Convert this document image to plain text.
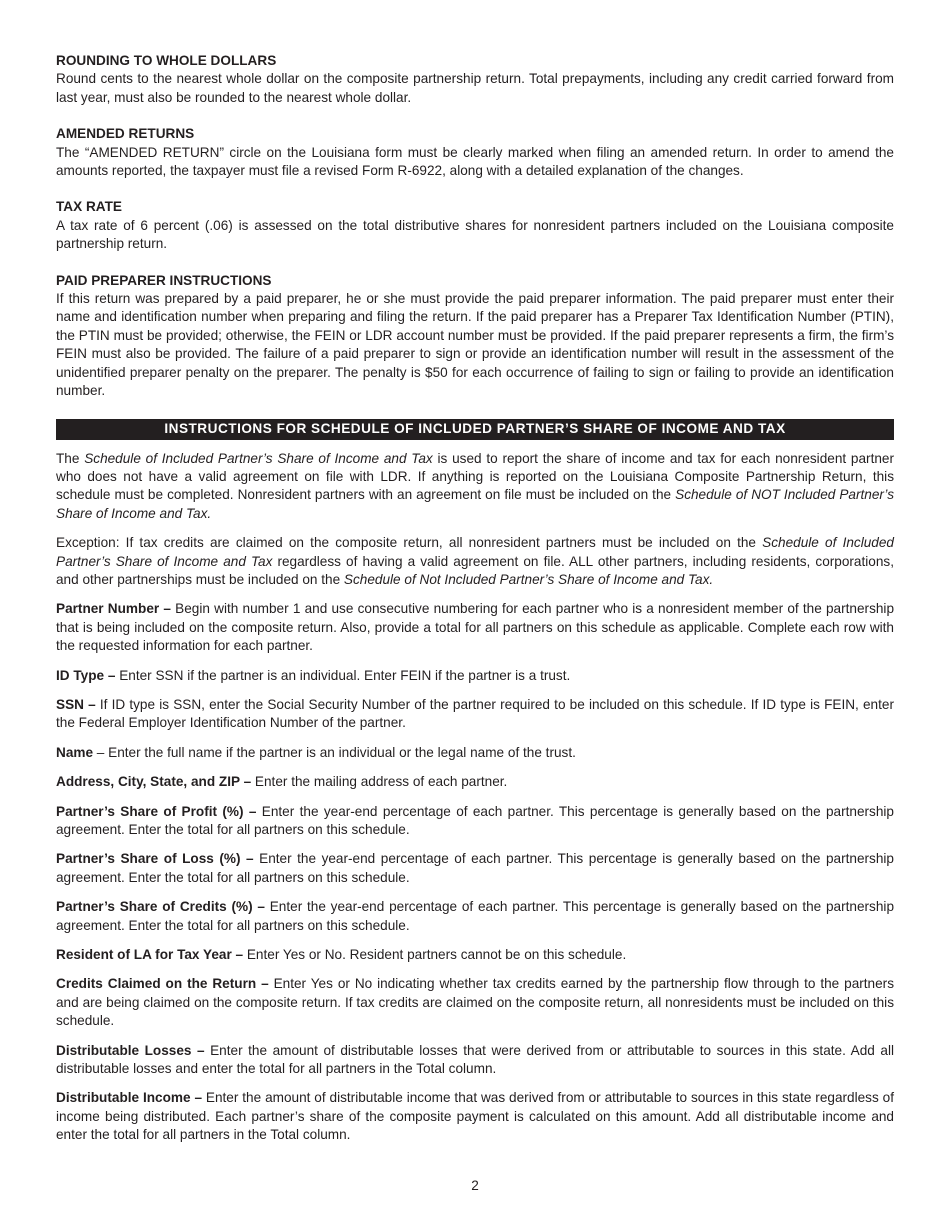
ROUNDING TO WHOLE DOLLARS

Round cents to the nearest whole dollar on the composite partnership return. Total prepayments, including any credit carried forward from last year, must also be rounded to the nearest whole dollar.

AMENDED RETURNS

The “AMENDED RETURN” circle on the Louisiana form must be clearly marked when filing an amended return. In order to amend the amounts reported, the taxpayer must file a revised Form R-6922, along with a detailed explanation of the changes.

TAX RATE

A tax rate of 6 percent (.06) is assessed on the total distributive shares for nonresident partners included on the Louisiana composite partnership return.

PAID PREPARER INSTRUCTIONS

If this return was prepared by a paid preparer, he or she must provide the paid preparer information. The paid preparer must enter their name and identification number when preparing and filing the return. If the paid preparer has a Preparer Tax Identification Number (PTIN), the PTIN must be provided; otherwise, the FEIN or LDR account number must be provided. If the paid preparer represents a firm, the firm’s FEIN must also be provided. The failure of a paid preparer to sign or provide an identification number will result in the assessment of the unidentified preparer penalty on the preparer. The penalty is $50 for each occurrence of failing to sign or failing to provide an identification number.

INSTRUCTIONS FOR SCHEDULE OF INCLUDED PARTNER’S SHARE OF INCOME AND TAX

The Schedule of Included Partner’s Share of Income and Tax is used to report the share of income and tax for each nonresident partner who does not have a valid agreement on file with LDR. If anything is reported on the Louisiana Composite Partnership Return, this schedule must be completed. Nonresident partners with an agreement on file must be included on the Schedule of NOT Included Partner’s Share of Income and Tax.

Exception: If tax credits are claimed on the composite return, all nonresident partners must be included on the Schedule of Included Partner’s Share of Income and Tax regardless of having a valid agreement on file. ALL other partners, including residents, corporations, and other partnerships must be included on the Schedule of Not Included Partner’s Share of Income and Tax.

Partner Number – Begin with number 1 and use consecutive numbering for each partner who is a nonresident member of the partnership that is being included on the composite return. Also, provide a total for all partners on this schedule as applicable. Complete each row with the requested information for each partner.

ID Type – Enter SSN if the partner is an individual. Enter FEIN if the partner is a trust.

SSN – If ID type is SSN, enter the Social Security Number of the partner required to be included on this schedule. If ID type is FEIN, enter the Federal Employer Identification Number of the partner.

Name – Enter the full name if the partner is an individual or the legal name of the trust.

Address, City, State, and ZIP – Enter the mailing address of each partner.

Partner’s Share of Profit (%) – Enter the year-end percentage of each partner. This percentage is generally based on the partnership agreement. Enter the total for all partners on this schedule.

Partner’s Share of Loss (%) – Enter the year-end percentage of each partner. This percentage is generally based on the partnership agreement. Enter the total for all partners on this schedule.

Partner’s Share of Credits (%) – Enter the year-end percentage of each partner. This percentage is generally based on the partnership agreement. Enter the total for all partners on this schedule.

Resident of LA for Tax Year – Enter Yes or No. Resident partners cannot be on this schedule.

Credits Claimed on the Return – Enter Yes or No indicating whether tax credits earned by the partnership flow through to the partners and are being claimed on the composite return. If tax credits are claimed on the composite return, all nonresidents must be included on this schedule.

Distributable Losses – Enter the amount of distributable losses that were derived from or attributable to sources in this state. Add all distributable losses and enter the total for all partners in the Total column.

Distributable Income – Enter the amount of distributable income that was derived from or attributable to sources in this state regardless of income being distributed. Each partner’s share of the composite payment is calculated on this amount. Add all distributable income and enter the total for all partners in the Total column.

2
